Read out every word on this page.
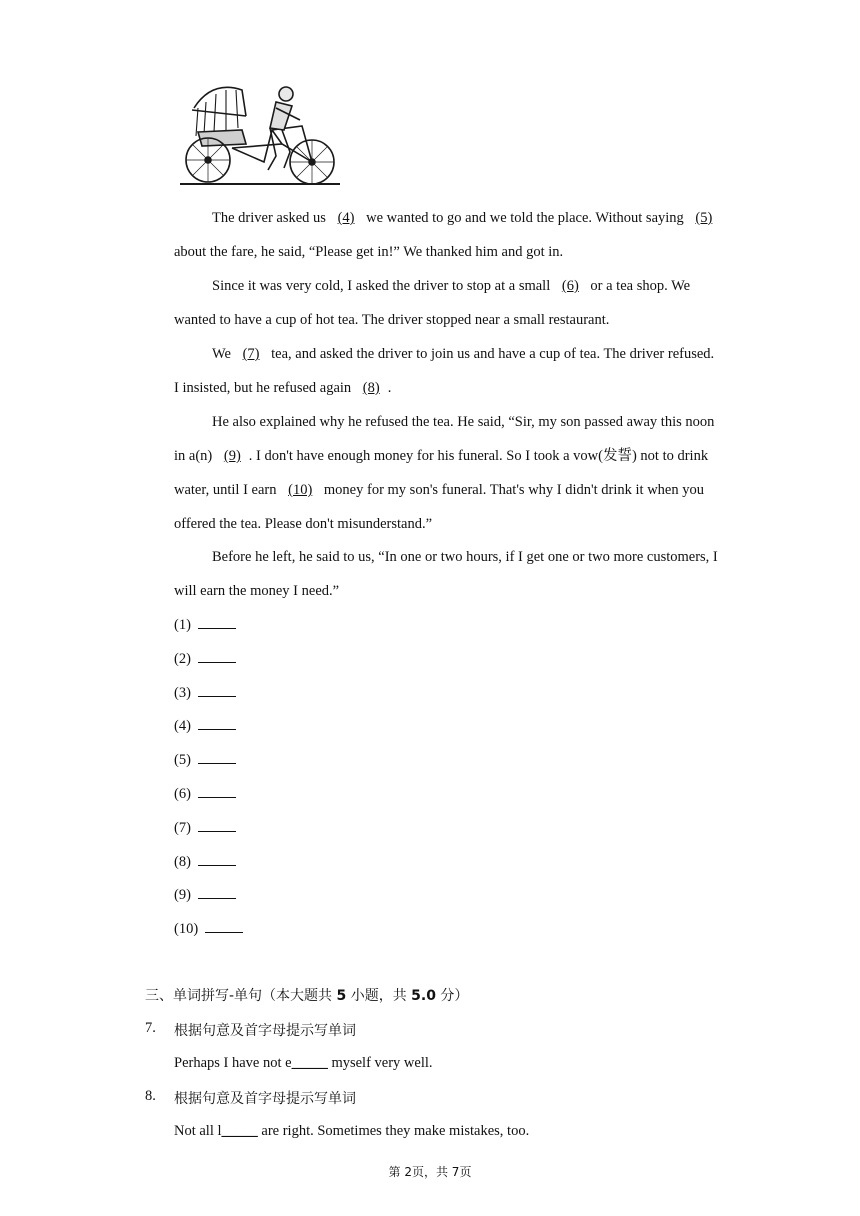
The driver asked us (4) we wanted to go and we told the place. Without saying (5) about the fare, he said, “Please get in!” We thanked him and got in.

Since it was very cold, I asked the driver to stop at a small (6) or a tea shop. We wanted to have a cup of hot tea. The driver stopped near a small restaurant.

We (7) tea, and asked the driver to join us and have a cup of tea. The driver refused. I insisted, but he refused again (8) .

He also explained why he refused the tea. He said, “Sir, my son passed away this noon in a(n) (9) . I don't have enough money for his funeral. So I took a vow(发誓) not to drink water, until I earn (10) money for my son's funeral. That's why I didn't drink it when you offered the tea. Please don't misunderstand.”

Before he left, he said to us, “In one or two hours, if I get one or two more customers, I will earn the money I need.”

(1)
(2)
(3)
(4)
(5)
(6)
(7)
(8)
(9)
(10)
三、单词拼写-单句（本大题共 5 小题，共 5.0 分）
7. 根据句意及首字母提示写单词
Perhaps I have not e_____ myself very well.
8. 根据句意及首字母提示写单词
Not all l_____ are right. Sometimes they make mistakes, too.
第 2页，共 7页
